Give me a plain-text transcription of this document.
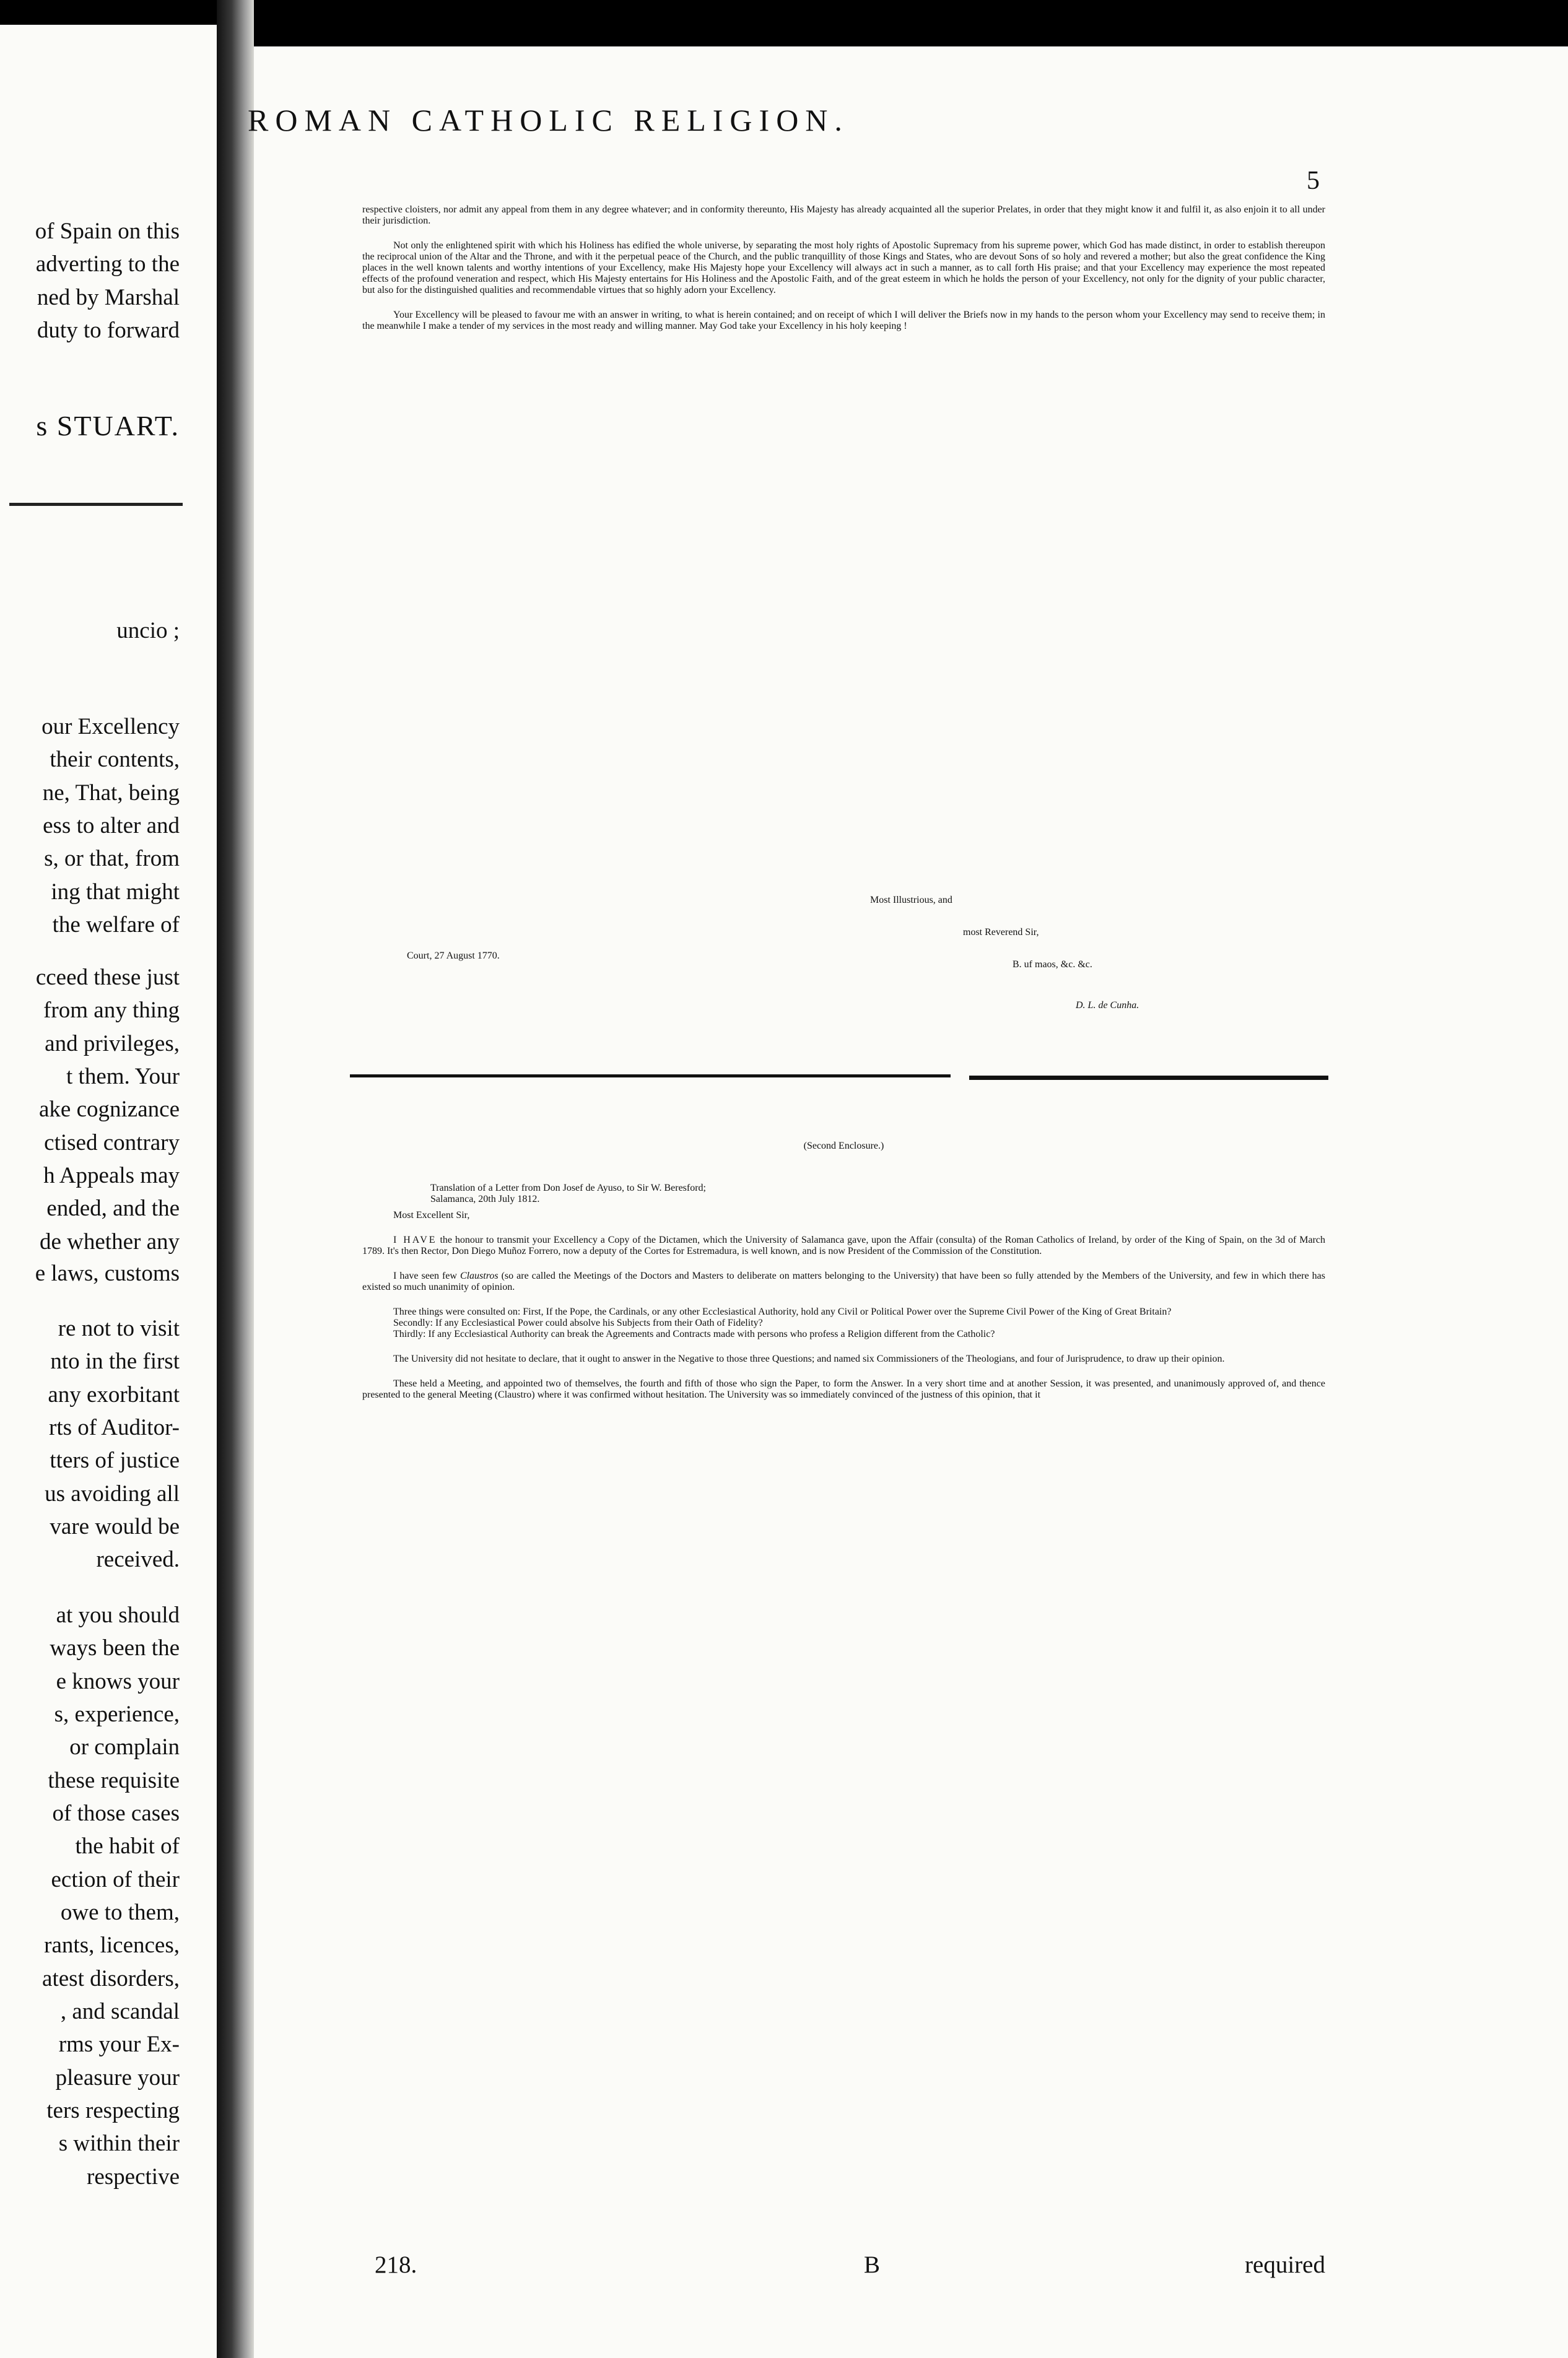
of Spain on this
adverting to the
ned by Marshal
duty to forward
s STUART.
uncio ;
our Excellency
their contents,
ne, That, being
ess to alter and
s, or that, from
ing that might
the welfare of
cceed these just
from any thing
and privileges,
t them. Your
ake cognizance
ctised contrary
h Appeals may
ended, and the
de whether any
e laws, customs
re not to visit
nto in the first
any exorbitant
rts of Auditor-
tters of justice
us avoiding all
vare would be
received.
at you should
ways been the
e knows your
s, experience,
or complain
these requisite
of those cases
the habit of
ection of their
owe to them,
rants, licences,
atest disorders,
, and scandal
rms your Ex-
pleasure your
ters respecting
s within their
respective
ROMAN CATHOLIC RELIGION.
5

respective cloisters, nor admit any appeal from them in any degree whatever; and in conformity thereunto, His Majesty has already acquainted all the superior Prelates, in order that they might know it and fulfil it, as also enjoin it to all under their jurisdiction.

Not only the enlightened spirit with which his Holiness has edified the whole universe, by separating the most holy rights of Apostolic Supremacy from his supreme power, which God has made distinct, in order to establish thereupon the reciprocal union of the Altar and the Throne, and with it the perpetual peace of the Church, and the public tranquillity of those Kings and States, who are devout Sons of so holy and revered a mother; but also the great confidence the King places in the well known talents and worthy intentions of your Excellency, make His Majesty hope your Excellency will always act in such a manner, as to call forth His praise; and that your Excellency may experience the most repeated effects of the profound veneration and respect, which His Majesty entertains for His Holiness and the Apostolic Faith, and of the great esteem in which he holds the person of your Excellency, not only for the dignity of your public character, but also for the distinguished qualities and recommendable virtues that so highly adorn your Excellency.

Your Excellency will be pleased to favour me with an answer in writing, to what is herein contained; and on receipt of which I will deliver the Briefs now in my hands to the person whom your Excellency may send to receive them; in the meanwhile I make a tender of my services in the most ready and willing manner. May God take your Excellency in his holy keeping !

Most Illustrious, and
most Reverend Sir,
Court, 27 August 1770.
B. uf maos, &c. &c.
D. L. de Cunha.
(Second Enclosure.)

Translation of a Letter from Don Josef de Ayuso, to Sir W. Beresford;
Salamanca, 20th July 1812.

Most Excellent Sir,

I HAVE the honour to transmit your Excellency a Copy of the Dictamen, which the University of Salamanca gave, upon the Affair (consulta) of the Roman Catholics of Ireland, by order of the King of Spain, on the 3d of March 1789. It's then Rector, Don Diego Muñoz Forrero, now a deputy of the Cortes for Estremadura, is well known, and is now President of the Commission of the Constitution.

I have seen few Claustros (so are called the Meetings of the Doctors and Masters to deliberate on matters belonging to the University) that have been so fully attended by the Members of the University, and few in which there has existed so much unanimity of opinion.

Three things were consulted on: First, If the Pope, the Cardinals, or any other Ecclesiastical Authority, hold any Civil or Political Power over the Supreme Civil Power of the King of Great Britain?

Secondly: If any Ecclesiastical Power could absolve his Subjects from their Oath of Fidelity?

Thirdly: If any Ecclesiastical Authority can break the Agreements and Contracts made with persons who profess a Religion different from the Catholic?

The University did not hesitate to declare, that it ought to answer in the Negative to those three Questions; and named six Commissioners of the Theologians, and four of Jurisprudence, to draw up their opinion.

These held a Meeting, and appointed two of themselves, the fourth and fifth of those who sign the Paper, to form the Answer. In a very short time and at another Session, it was presented, and unanimously approved of, and thence presented to the general Meeting (Claustro) where it was confirmed without hesitation. The University was so immediately convinced of the justness of this opinion, that it

218.	B	required
